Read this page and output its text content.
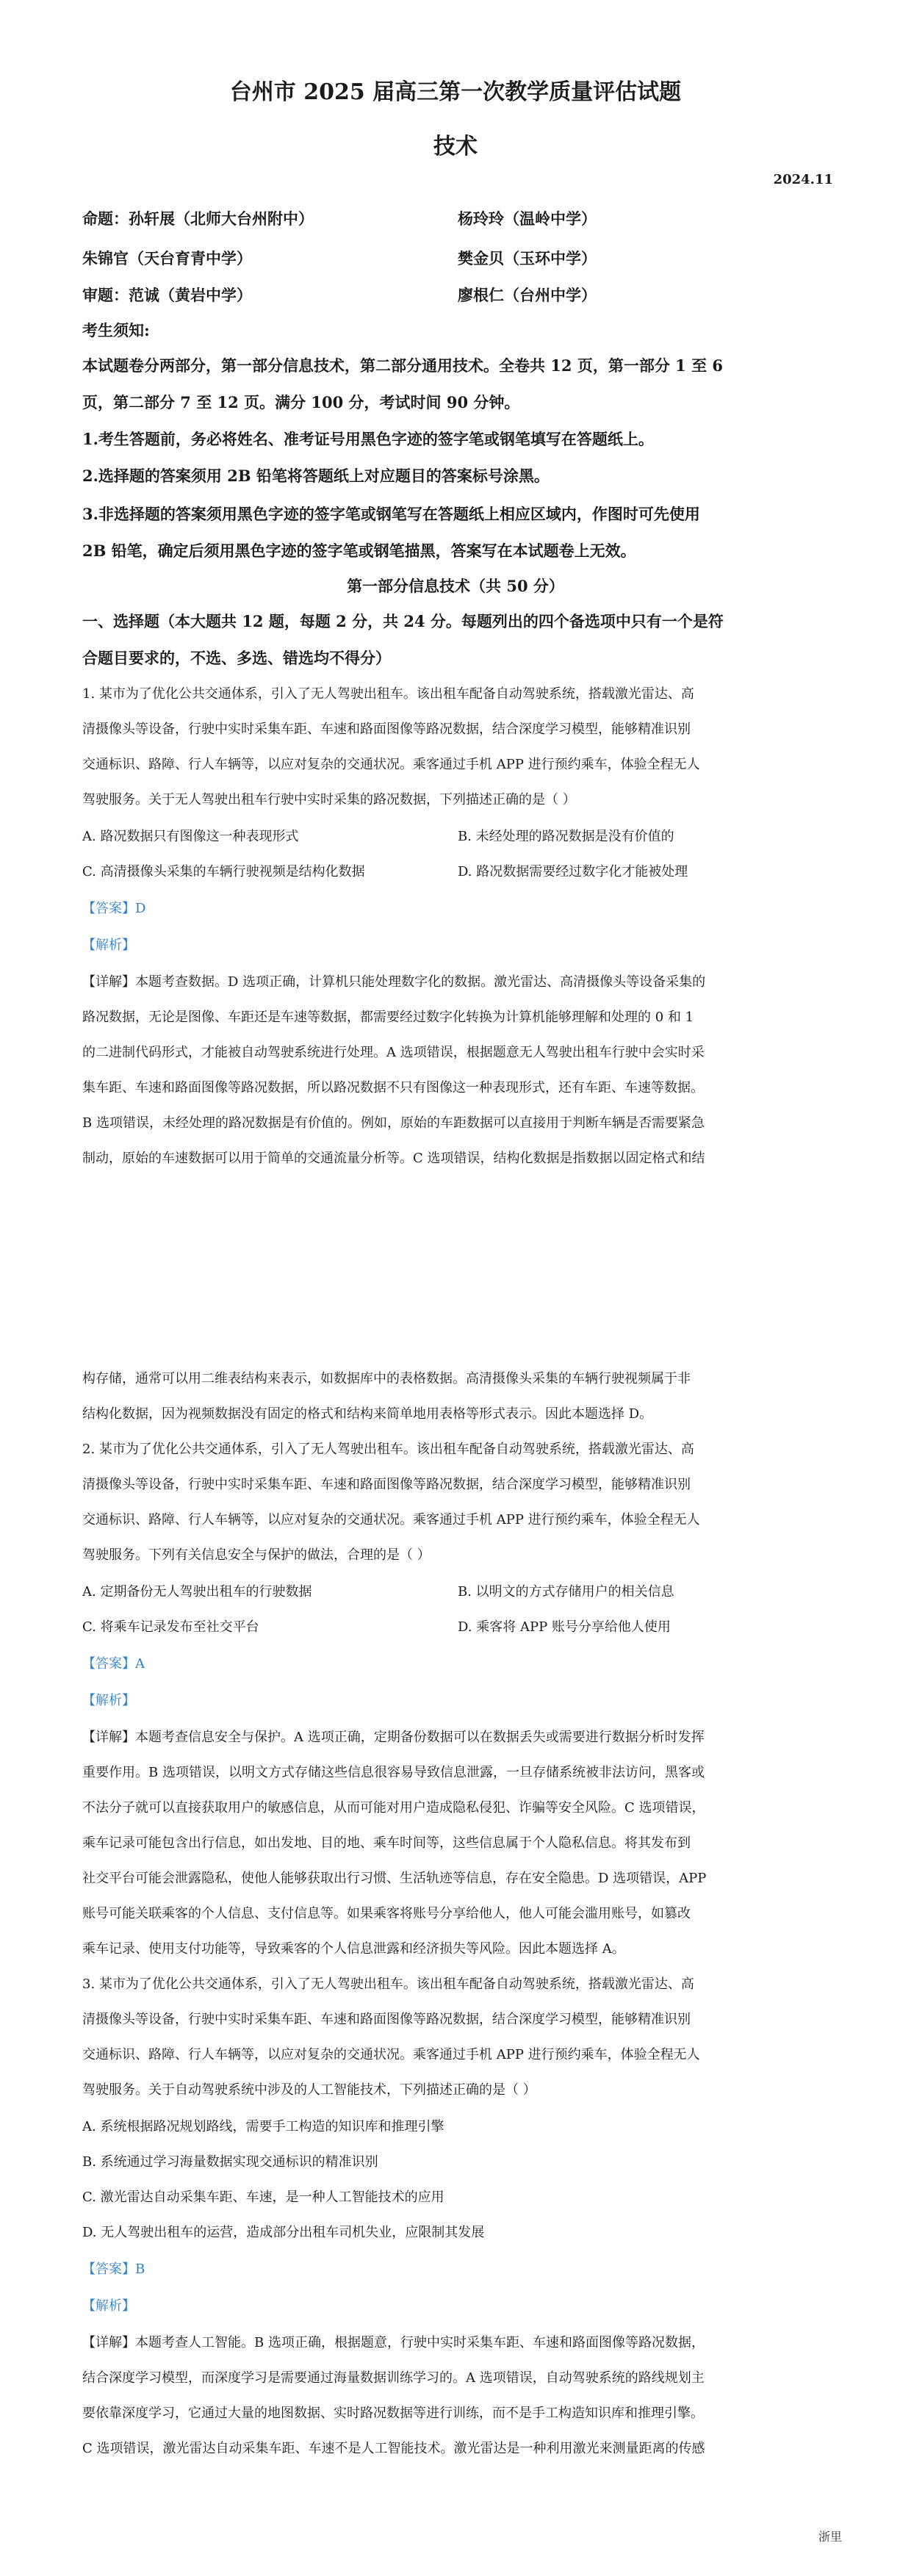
台州市 2025 届高三第一次教学质量评估试题
技术
2024.11
命题：孙轩展（北师大台州附中）	杨玲玲（温岭中学）
朱锦官（天台育青中学）	樊金贝（玉环中学）
审题：范诚（黄岩中学）	廖根仁（台州中学）
考生须知:
本试题卷分两部分，第一部分信息技术，第二部分通用技术。全卷共 12 页，第一部分 1 至 6
页，第二部分 7 至 12 页。满分 100 分，考试时间 90 分钟。
1.考生答题前，务必将姓名、准考证号用黑色字迹的签字笔或钢笔填写在答题纸上。
2.选择题的答案须用 2B 铅笔将答题纸上对应题目的答案标号涂黑。
3.非选择题的答案须用黑色字迹的签字笔或钢笔写在答题纸上相应区域内，作图时可先使用
2B 铅笔，确定后须用黑色字迹的签字笔或钢笔描黑，答案写在本试题卷上无效。
第一部分信息技术（共 50 分）
一、选择题（本大题共 12 题，每题 2 分，共 24 分。每题列出的四个备选项中只有一个是符
合题目要求的，不选、多选、错选均不得分）
1. 某市为了优化公共交通体系，引入了无人驾驶出租车。该出租车配备自动驾驶系统，搭载激光雷达、高
清摄像头等设备，行驶中实时采集车距、车速和路面图像等路况数据，结合深度学习模型，能够精准识别
交通标识、路障、行人车辆等，以应对复杂的交通状况。乘客通过手机 APP 进行预约乘车，体验全程无人
驾驶服务。关于无人驾驶出租车行驶中实时采集的路况数据，下列描述正确的是（ ）
A. 路况数据只有图像这一种表现形式	B. 未经处理的路况数据是没有价值的
C. 高清摄像头采集的车辆行驶视频是结构化数据	D. 路况数据需要经过数字化才能被处理
【答案】D
【解析】
【详解】本题考查数据。D 选项正确，计算机只能处理数字化的数据。激光雷达、高清摄像头等设备采集的
路况数据，无论是图像、车距还是车速等数据，都需要经过数字化转换为计算机能够理解和处理的 0 和 1
的二进制代码形式，才能被自动驾驶系统进行处理。A 选项错误，根据题意无人驾驶出租车行驶中会实时采
集车距、车速和路面图像等路况数据，所以路况数据不只有图像这一种表现形式，还有车距、车速等数据。
B 选项错误，未经处理的路况数据是有价值的。例如，原始的车距数据可以直接用于判断车辆是否需要紧急
制动，原始的车速数据可以用于简单的交通流量分析等。C 选项错误，结构化数据是指数据以固定格式和结
构存储，通常可以用二维表结构来表示，如数据库中的表格数据。高清摄像头采集的车辆行驶视频属于非
结构化数据，因为视频数据没有固定的格式和结构来简单地用表格等形式表示。因此本题选择 D。
2. 某市为了优化公共交通体系，引入了无人驾驶出租车。该出租车配备自动驾驶系统，搭载激光雷达、高
清摄像头等设备，行驶中实时采集车距、车速和路面图像等路况数据，结合深度学习模型，能够精准识别
交通标识、路障、行人车辆等，以应对复杂的交通状况。乘客通过手机 APP 进行预约乘车，体验全程无人
驾驶服务。下列有关信息安全与保护的做法，合理的是（ ）
A. 定期备份无人驾驶出租车的行驶数据	B. 以明文的方式存储用户的相关信息
C. 将乘车记录发布至社交平台	D. 乘客将 APP 账号分享给他人使用
【答案】A
【解析】
【详解】本题考查信息安全与保护。A 选项正确，定期备份数据可以在数据丢失或需要进行数据分析时发挥
重要作用。B 选项错误，以明文方式存储这些信息很容易导致信息泄露，一旦存储系统被非法访问，黑客或
不法分子就可以直接获取用户的敏感信息，从而可能对用户造成隐私侵犯、诈骗等安全风险。C 选项错误，
乘车记录可能包含出行信息，如出发地、目的地、乘车时间等，这些信息属于个人隐私信息。将其发布到
社交平台可能会泄露隐私，使他人能够获取出行习惯、生活轨迹等信息，存在安全隐患。D 选项错误，APP
账号可能关联乘客的个人信息、支付信息等。如果乘客将账号分享给他人，他人可能会滥用账号，如篡改
乘车记录、使用支付功能等，导致乘客的个人信息泄露和经济损失等风险。因此本题选择 A。
3. 某市为了优化公共交通体系，引入了无人驾驶出租车。该出租车配备自动驾驶系统，搭载激光雷达、高
清摄像头等设备，行驶中实时采集车距、车速和路面图像等路况数据，结合深度学习模型，能够精准识别
交通标识、路障、行人车辆等，以应对复杂的交通状况。乘客通过手机 APP 进行预约乘车，体验全程无人
驾驶服务。关于自动驾驶系统中涉及的人工智能技术，下列描述正确的是（ ）
A. 系统根据路况规划路线，需要手工构造的知识库和推理引擎
B. 系统通过学习海量数据实现交通标识的精准识别
C. 激光雷达自动采集车距、车速，是一种人工智能技术的应用
D. 无人驾驶出租车的运营，造成部分出租车司机失业，应限制其发展
【答案】B
【解析】
【详解】本题考查人工智能。B 选项正确，根据题意，行驶中实时采集车距、车速和路面图像等路况数据，
结合深度学习模型，而深度学习是需要通过海量数据训练学习的。A 选项错误，自动驾驶系统的路线规划主
要依靠深度学习，它通过大量的地图数据、实时路况数据等进行训练，而不是手工构造知识库和推理引擎。
C 选项错误，激光雷达自动采集车距、车速不是人工智能技术。激光雷达是一种利用激光来测量距离的传感
浙里
